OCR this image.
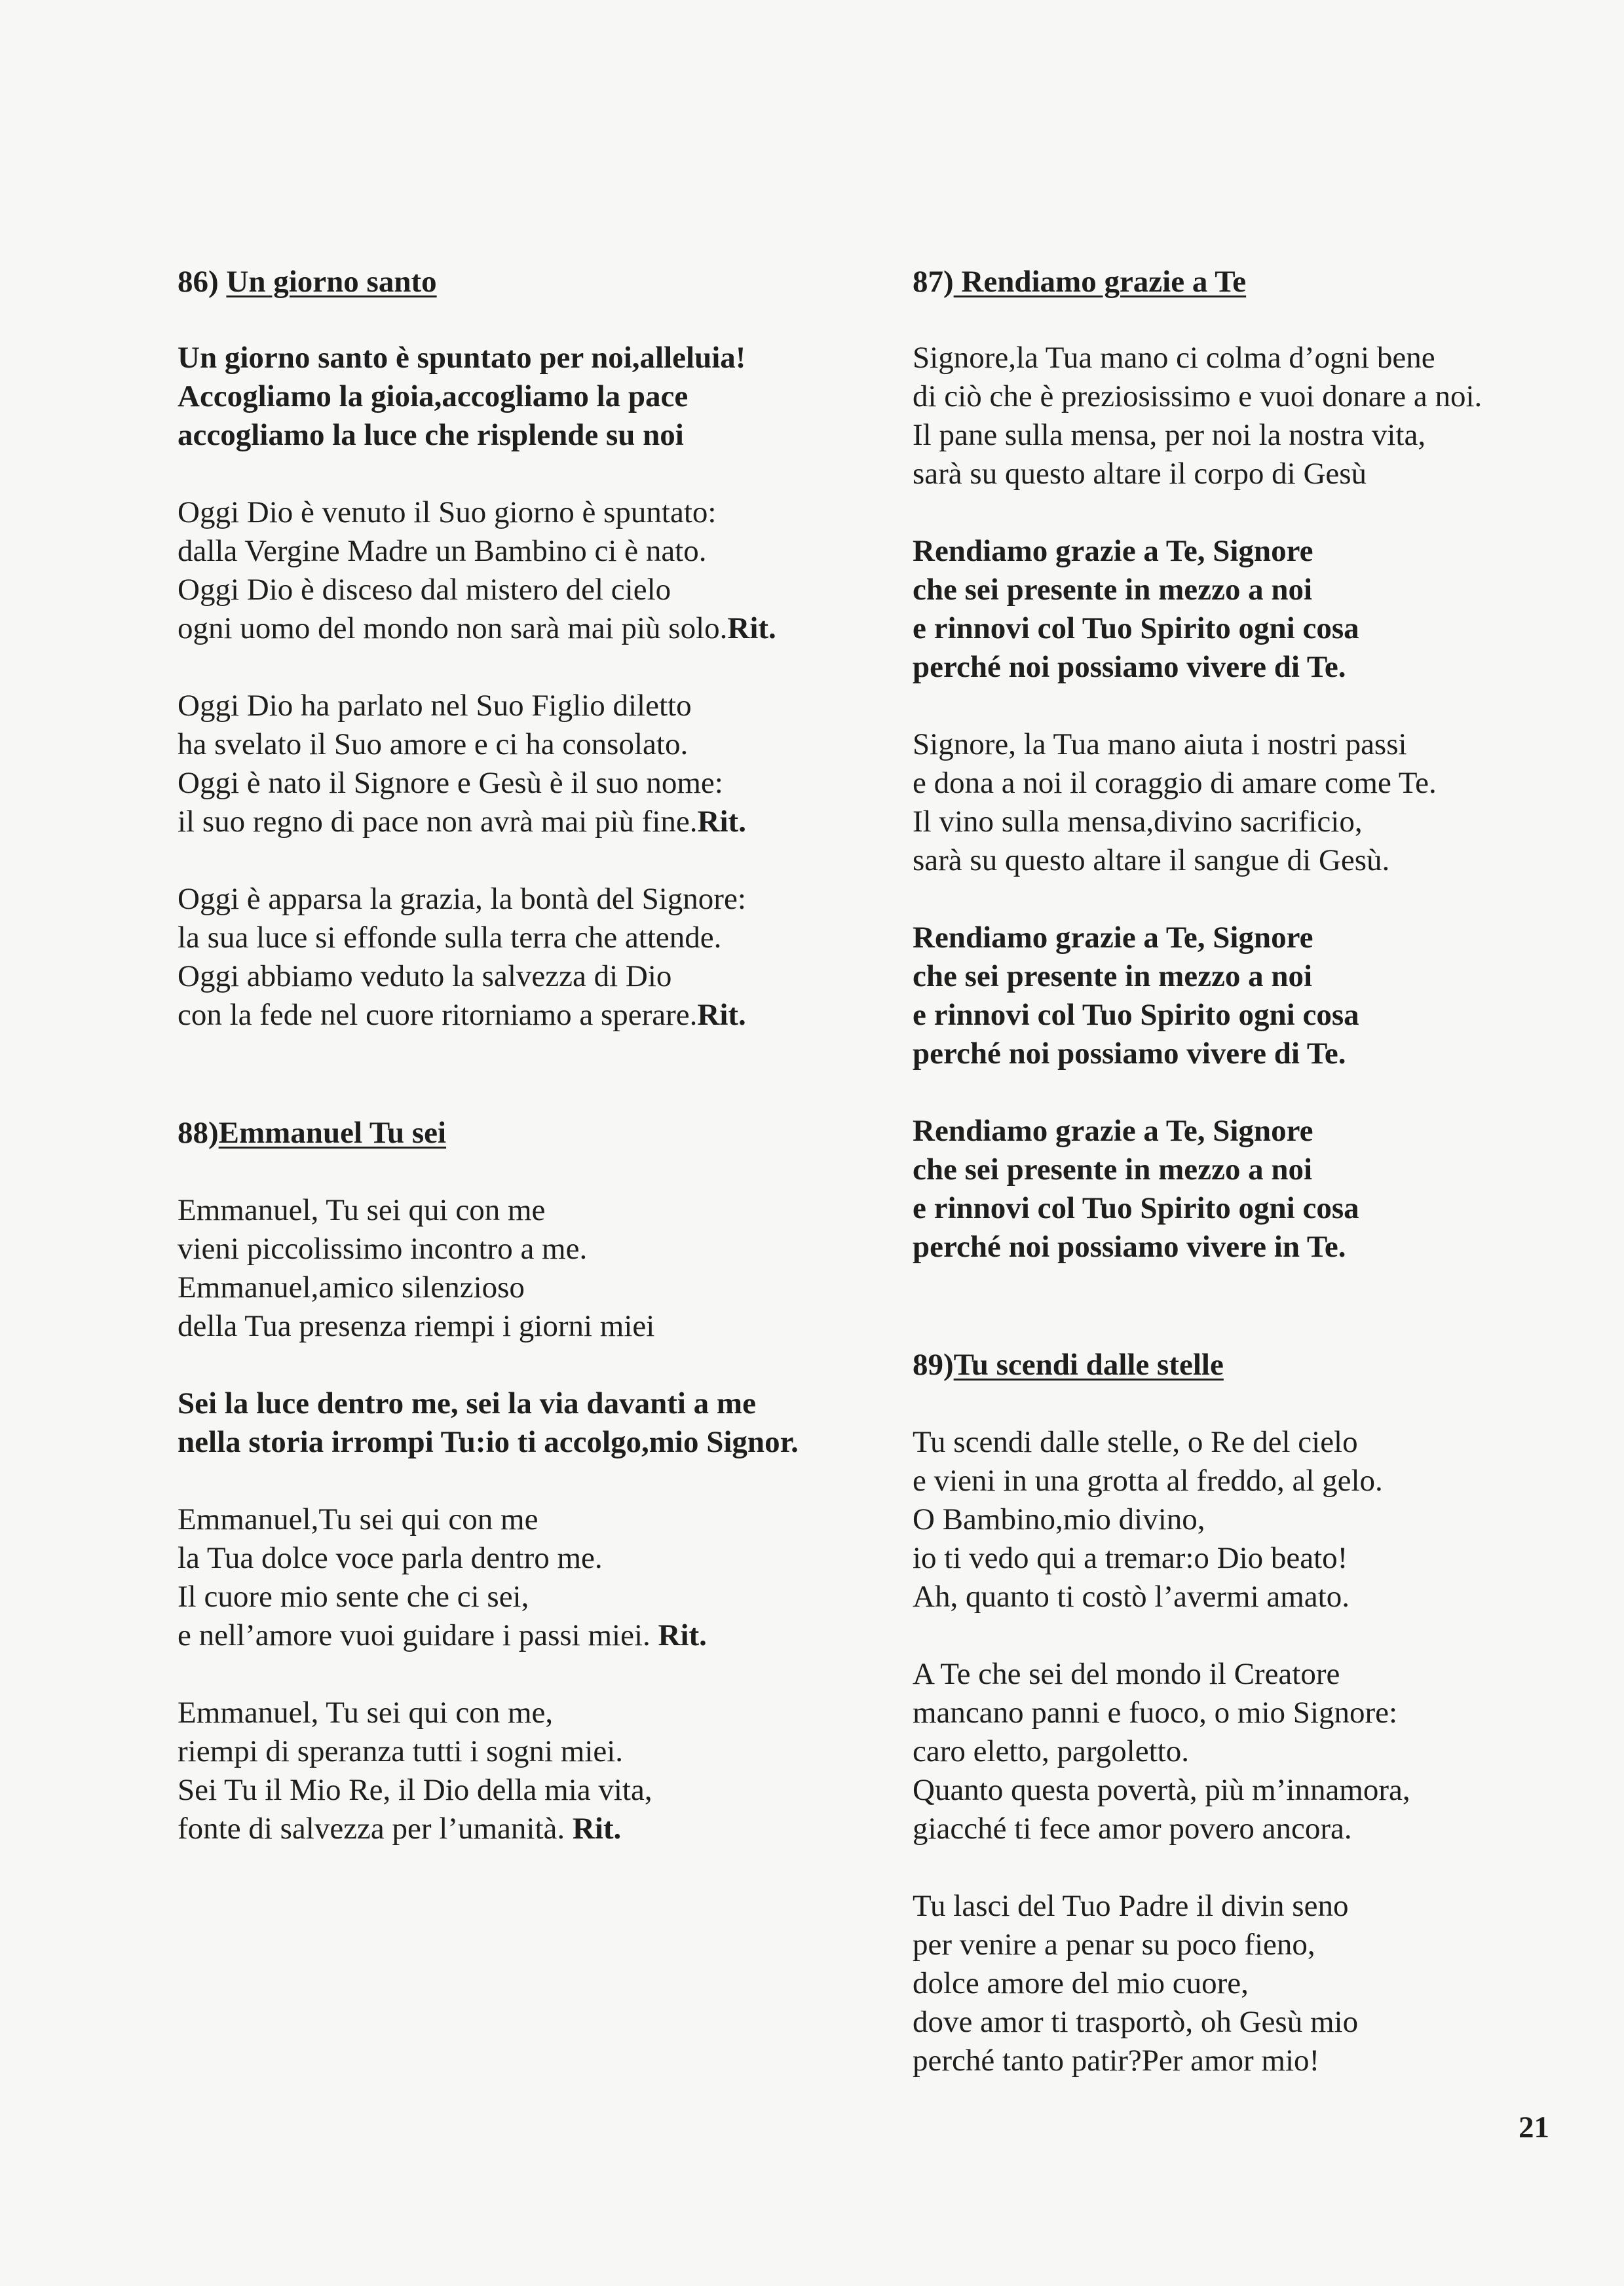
86) Un giorno santo

Un giorno santo è spuntato per noi,alleluia!
Accogliamo la gioia,accogliamo la pace
accogliamo la luce che risplende su noi

Oggi Dio è venuto il Suo giorno è spuntato:
dalla Vergine Madre un Bambino ci è nato.
Oggi Dio è disceso dal mistero del cielo
ogni uomo del mondo non sarà mai più solo.Rit.

Oggi Dio ha parlato nel Suo Figlio diletto
ha svelato il Suo amore e ci ha consolato.
Oggi è nato il Signore e Gesù è il suo nome:
il suo regno di pace non avrà mai più fine.Rit.

Oggi è apparsa la grazia, la bontà del Signore:
la sua luce si effonde sulla terra che attende.
Oggi abbiamo veduto la salvezza di Dio
con la fede nel cuore ritorniamo a sperare.Rit.

88)Emmanuel Tu sei

Emmanuel, Tu sei qui con me
vieni piccolissimo incontro a me.
Emmanuel,amico silenzioso
della Tua presenza riempi i giorni miei

Sei la luce dentro me, sei la via davanti a me
nella storia irrompi Tu:io ti accolgo,mio Signor.

Emmanuel,Tu sei qui con me
la Tua dolce voce parla dentro me.
Il cuore mio sente che ci sei,
e nell’amore vuoi guidare i passi miei. Rit.

Emmanuel, Tu sei qui con me,
riempi di speranza tutti i sogni miei.
Sei Tu il Mio Re, il Dio della mia vita,
fonte di salvezza per l’umanità. Rit.

87) Rendiamo grazie a Te

Signore,la Tua mano ci colma d’ogni bene
di ciò che è preziosissimo e vuoi donare a noi.
Il pane sulla mensa, per noi la nostra vita,
sarà su questo altare il corpo di Gesù

Rendiamo grazie a Te, Signore
che sei presente in mezzo a noi
e rinnovi col Tuo Spirito ogni cosa
perché noi possiamo vivere di Te.

Signore, la Tua mano aiuta i nostri passi
e dona a noi il coraggio di amare come Te.
Il vino sulla mensa,divino sacrificio,
sarà su questo altare il sangue di Gesù.

Rendiamo grazie a Te, Signore
che sei presente in mezzo a noi
e rinnovi col Tuo Spirito ogni cosa
perché noi possiamo vivere di Te.

Rendiamo grazie a Te, Signore
che sei presente in mezzo a noi
e rinnovi col Tuo Spirito ogni cosa
perché noi possiamo vivere in Te.

89)Tu scendi dalle stelle

Tu scendi dalle stelle, o Re del cielo
e vieni in una grotta al freddo, al gelo.
O Bambino,mio divino,
io ti vedo qui a tremar:o Dio beato!
Ah, quanto ti costò l’avermi amato.

A Te che sei del mondo il Creatore
mancano panni e fuoco, o mio Signore:
caro eletto, pargoletto.
Quanto questa povertà, più m’innamora,
giacché ti fece amor povero ancora.

Tu lasci del Tuo Padre il divin seno
per venire a penar su poco fieno,
dolce amore del mio cuore,
dove amor ti trasportò, oh Gesù mio
perché tanto patir?Per amor mio!

21
